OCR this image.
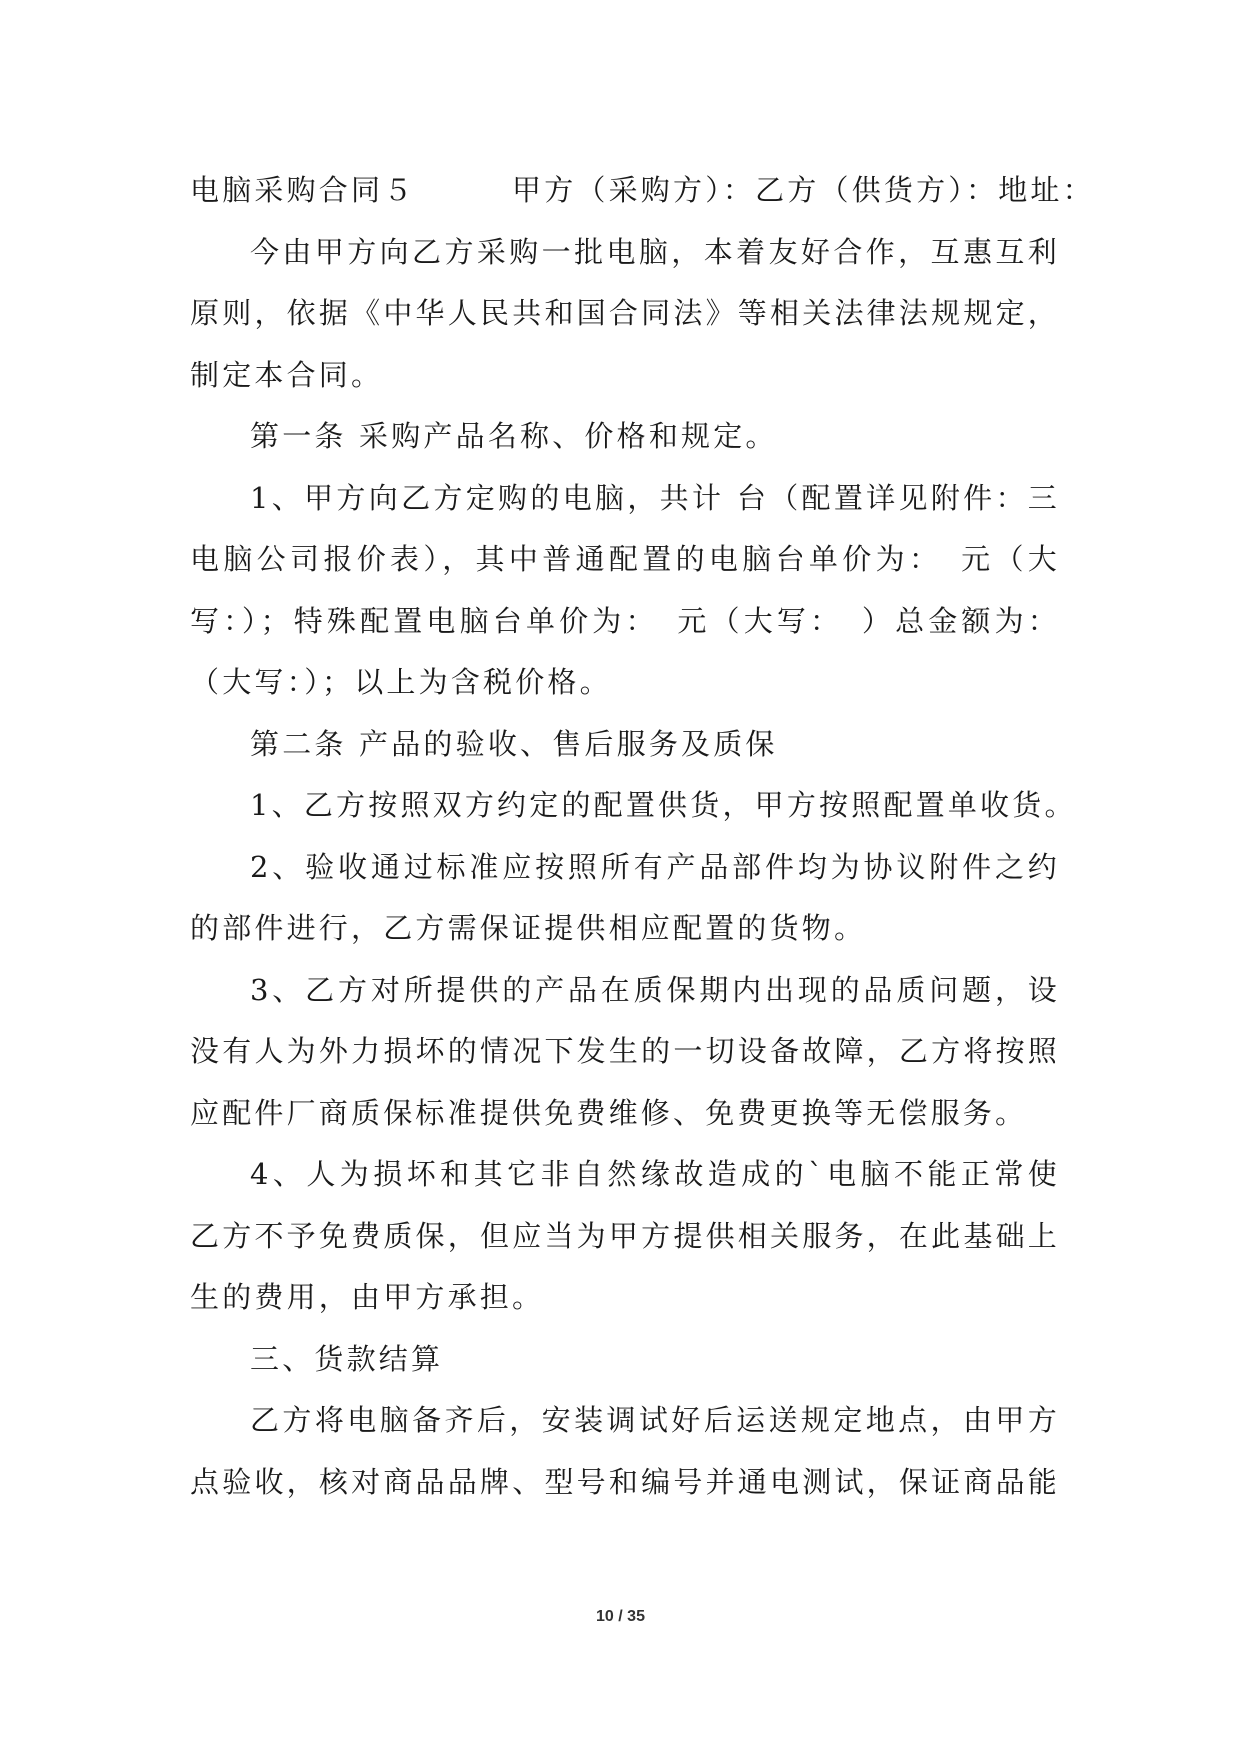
电脑采购合同５　　　甲方（采购方）：乙方（供货方）：地址：
今由甲方向乙方采购一批电脑，本着友好合作，互惠互利
原则，依据《中华人民共和国合同法》等相关法律法规规定，
制定本合同。
第一条 采购产品名称、价格和规定。
1、甲方向乙方定购的电脑，共计 台（配置详见附件：三
电脑公司报价表），其中普通配置的电脑台单价为：　元（大
写：）；特殊配置电脑台单价为：　元（大写：　）总金额为：
（大写：）；以上为含税价格。
第二条 产品的验收、售后服务及质保
1、乙方按照双方约定的配置供货，甲方按照配置单收货。
2、验收通过标准应按照所有产品部件均为协议附件之约
的部件进行，乙方需保证提供相应配置的货物。
3、乙方对所提供的产品在质保期内出现的品质问题，设
没有人为外力损坏的情况下发生的一切设备故障，乙方将按照
应配件厂商质保标准提供免费维修、免费更换等无偿服务。
4、人为损坏和其它非自然缘故造成的`电脑不能正常使
乙方不予免费质保，但应当为甲方提供相关服务，在此基础上
生的费用，由甲方承担。
三、货款结算
乙方将电脑备齐后，安装调试好后运送规定地点，由甲方
点验收，核对商品品牌、型号和编号并通电测试，保证商品能
10 / 35
